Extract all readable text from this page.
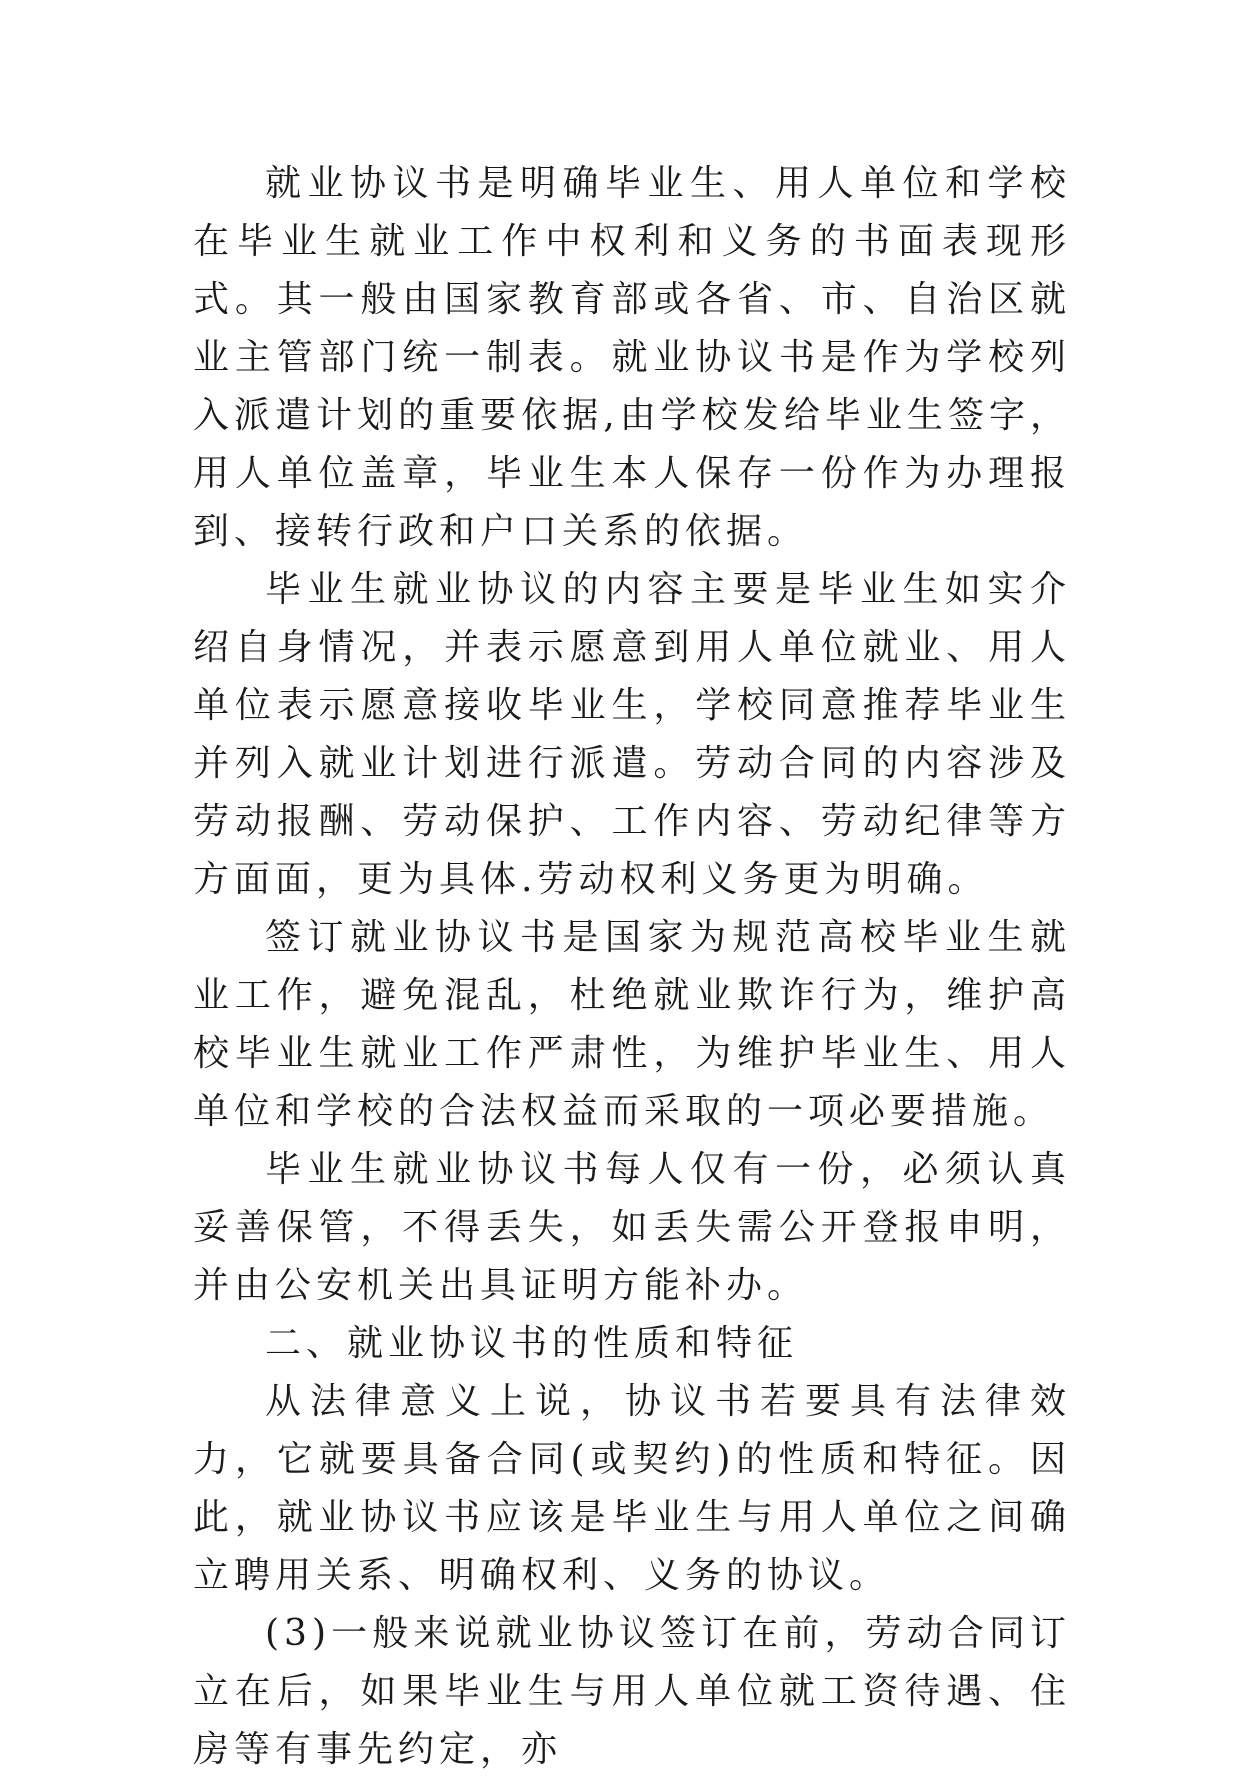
就业协议书是明确毕业生、用人单位和学校在毕业生就业工作中权利和义务的书面表现形式。其一般由国家教育部或各省、市、自治区就业主管部门统一制表。就业协议书是作为学校列入派遣计划的重要依据,由学校发给毕业生签字，用人单位盖章，毕业生本人保存一份作为办理报到、接转行政和户口关系的依据。

毕业生就业协议的内容主要是毕业生如实介绍自身情况，并表示愿意到用人单位就业、用人单位表示愿意接收毕业生，学校同意推荐毕业生并列入就业计划进行派遣。劳动合同的内容涉及劳动报酬、劳动保护、工作内容、劳动纪律等方方面面，更为具体.劳动权利义务更为明确。

签订就业协议书是国家为规范高校毕业生就业工作，避免混乱，杜绝就业欺诈行为，维护高校毕业生就业工作严肃性，为维护毕业生、用人单位和学校的合法权益而采取的一项必要措施。

毕业生就业协议书每人仅有一份，必须认真妥善保管，不得丢失，如丢失需公开登报申明，并由公安机关出具证明方能补办。

二、就业协议书的性质和特征

从法律意义上说，协议书若要具有法律效力，它就要具备合同(或契约)的性质和特征。因此，就业协议书应该是毕业生与用人单位之间确立聘用关系、明确权利、义务的协议。

(3)一般来说就业协议签订在前，劳动合同订立在后，如果毕业生与用人单位就工资待遇、住房等有事先约定，亦
